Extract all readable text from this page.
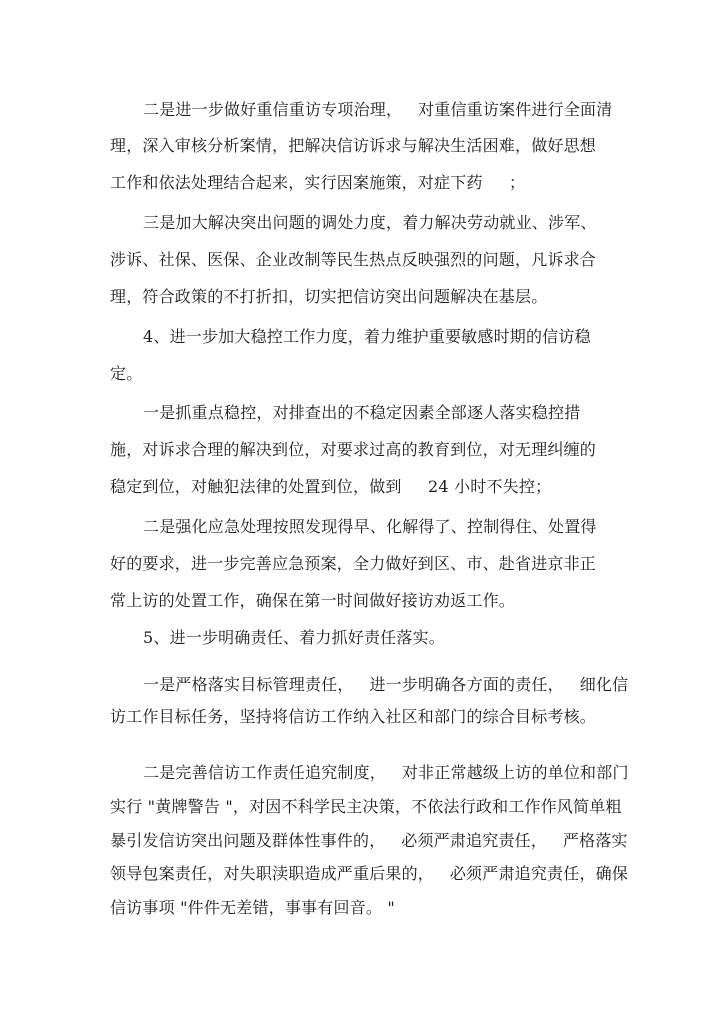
二是进一步做好重信重访专项治理，   对重信重访案件进行全面清
理，深入审核分析案情，把解决信访诉求与解决生活困难，做好思想
工作和依法处理结合起来，实行因案施策，对症下药     ；
三是加大解决突出问题的调处力度，着力解决劳动就业、涉军、
涉诉、社保、医保、企业改制等民生热点反映强烈的问题，凡诉求合
理，符合政策的不打折扣，切实把信访突出问题解决在基层。
4、进一步加大稳控工作力度，着力维护重要敏感时期的信访稳
定。
一是抓重点稳控，对排查出的不稳定因素全部逐人落实稳控措
施，对诉求合理的解决到位，对要求过高的教育到位，对无理纠缠的
稳定到位，对触犯法律的处置到位，做到     24 小时不失控；
二是强化应急处理按照发现得早、化解得了、控制得住、处置得
好的要求，进一步完善应急预案，全力做好到区、市、赴省进京非正
常上访的处置工作，确保在第一时间做好接访劝返工作。
5、进一步明确责任、着力抓好责任落实。
一是严格落实目标管理责任，   进一步明确各方面的责任，   细化信
访工作目标任务，坚持将信访工作纳入社区和部门的综合目标考核。
二是完善信访工作责任追究制度，   对非正常越级上访的单位和部门
实行 "黄牌警告 "，对因不科学民主决策，不依法行政和工作作风简单粗
暴引发信访突出问题及群体性事件的，   必须严肃追究责任，   严格落实
领导包案责任，对失职渎职造成严重后果的，   必须严肃追究责任，确保
信访事项 "件件无差错，事事有回音。 "
